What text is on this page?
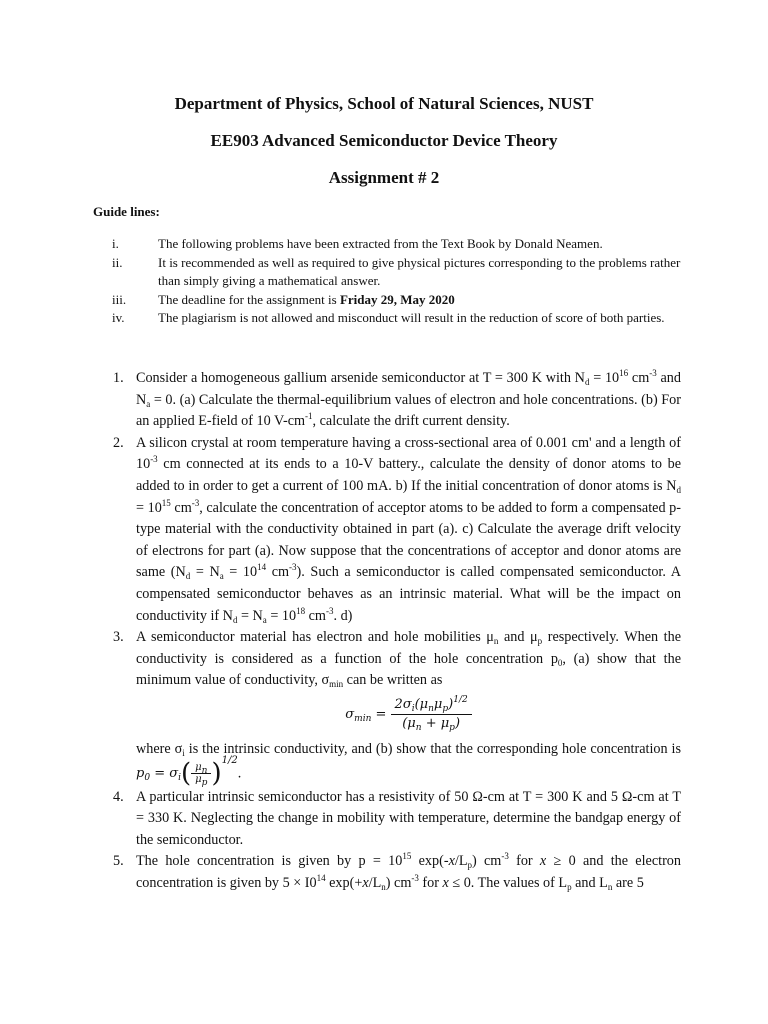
Department of Physics, School of Natural Sciences, NUST
EE903 Advanced Semiconductor Device Theory
Assignment # 2
Guide lines:
i.	The following problems have been extracted from the Text Book by Donald Neamen.
ii.	It is recommended as well as required to give physical pictures corresponding to the problems rather than simply giving a mathematical answer.
iii.	The deadline for the assignment is Friday 29, May 2020
iv.	The plagiarism is not allowed and misconduct will result in the reduction of score of both parties.
1. Consider a homogeneous gallium arsenide semiconductor at T = 300 K with $N_d = 10^{16}$ $cm^{-3}$ and $N_a = 0$. (a) Calculate the thermal-equilibrium values of electron and hole concentrations. (b) For an applied E-field of 10 $V-cm^{-1}$, calculate the drift current density.
2. A silicon crystal at room temperature having a cross-sectional area of 0.001 cm' and a length of $10^{-3}$ cm connected at its ends to a 10-V battery., calculate the density of donor atoms to be added to in order to get a current of 100 mA. b) If the initial concentration of donor atoms is $N_d = 10^{15}$ $cm^{-3}$, calculate the concentration of acceptor atoms to be added to form a compensated p-type material with the conductivity obtained in part (a). c) Calculate the average drift velocity of electrons for part (a). Now suppose that the concentrations of acceptor and donor atoms are same ($N_d = N_a = 10^{14}$ $cm^{-3}$). Such a semiconductor is called compensated semiconductor. A compensated semiconductor behaves as an intrinsic material. What will be the impact on conductivity if $N_d = N_a = 10^{18}$ $cm^{-3}$. d)
3. A semiconductor material has electron and hole mobilities $\mu_n$ and $\mu_p$ respectively. When the conductivity is considered as a function of the hole concentration $p_0$, (a) show that the minimum value of conductivity, $\sigma_{min}$ can be written as

$\sigma_{min} = \frac{2\sigma_i(\mu_n\mu_p)^{1/2}}{(\mu_n + \mu_p)}$

where $\sigma_i$ is the intrinsic conductivity, and (b) show that the corresponding hole concentration is $p_0 = \sigma_i( \frac{\mu_n}{\mu_p} )^{1/2}$.

4. A particular intrinsic semiconductor has a resistivity of 50 Ω-cm at T = 300 K and 5 Ω-cm at T = 330 K. Neglecting the change in mobility with temperature, determine the bandgap energy of the semiconductor.
5. The hole concentration is given by $p = 10^{15}$ $\exp(-x/L_p)$ $cm^{-3}$ for x ≥ 0 and the electron concentration is given by $5 \times I0^{14}$ $\exp(+x/L_n)$ $cm^{-3}$ for x ≤ 0. The values of $L_p$ and $L_n$ are 5
